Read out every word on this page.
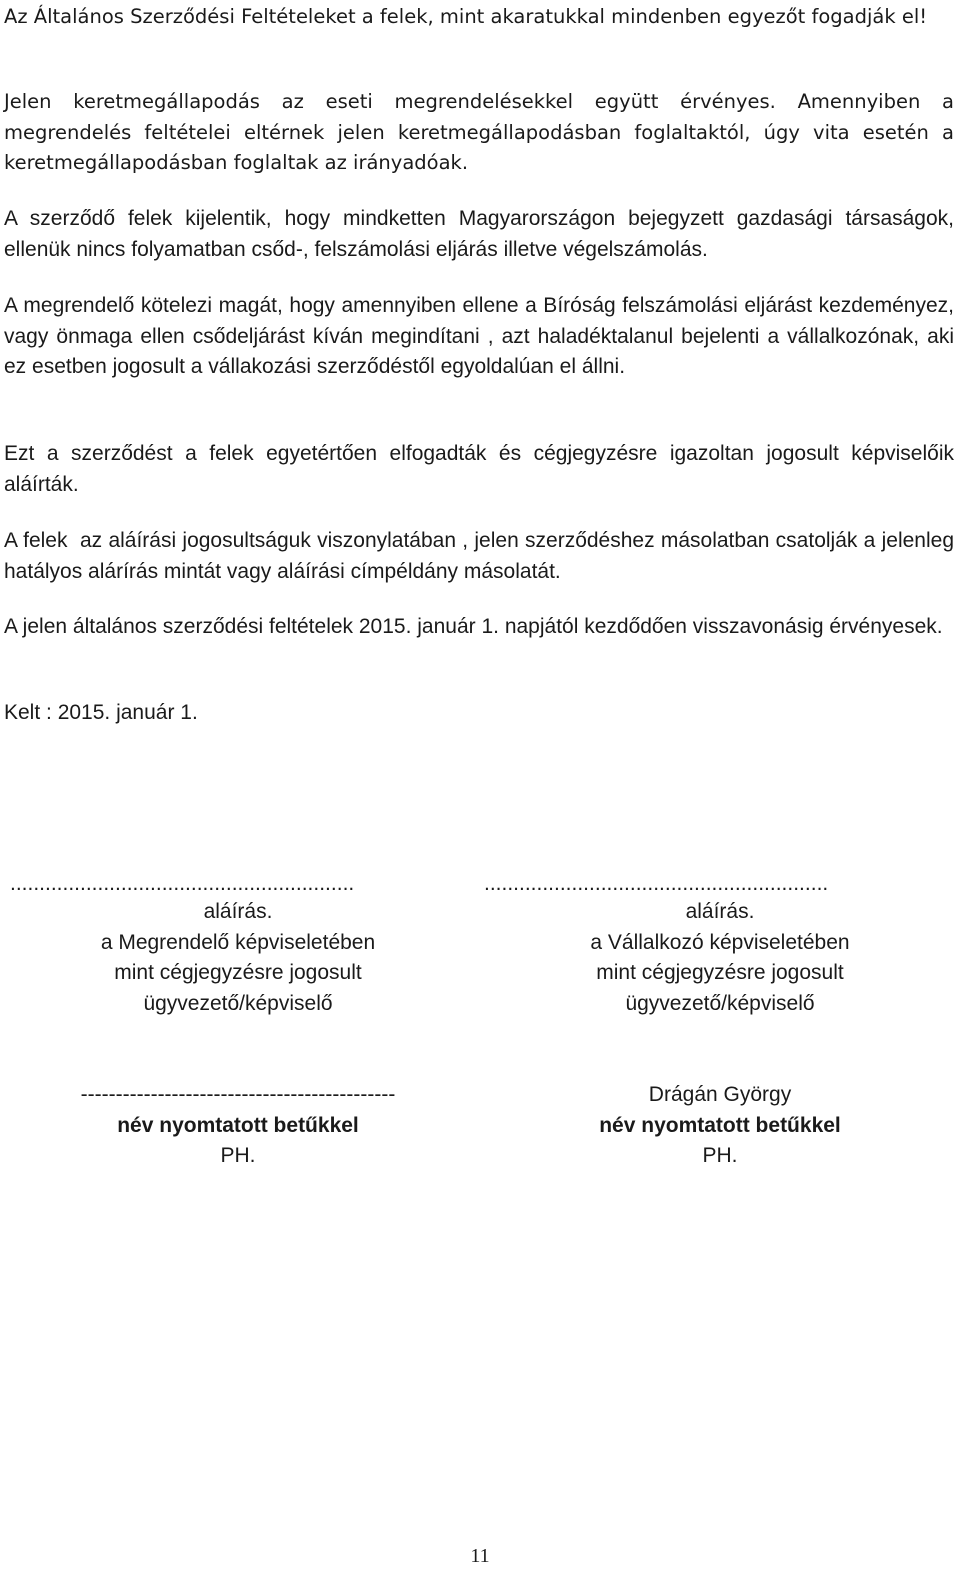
Az Általános Szerződési Feltételeket a felek, mint akaratukkal mindenben egyezőt fogadják el!

Jelen keretmegállapodás az eseti megrendelésekkel együtt érvényes. Amennyiben a megrendelés feltételei eltérnek jelen keretmegállapodásban foglaltaktól, úgy vita esetén a keretmegállapodásban foglaltak az irányadóak.

A szerződő felek kijelentik, hogy mindketten Magyarországon bejegyzett gazdasági társaságok, ellenük nincs folyamatban csőd-, felszámolási eljárás illetve végelszámolás.

A megrendelő kötelezi magát, hogy amennyiben ellene a Bíróság felszámolási eljárást kezdeményez, vagy önmaga ellen csődeljárást kíván megindítani , azt haladéktalanul bejelenti a vállalkozónak, aki ez esetben jogosult a vállakozási szerződéstől egyoldalúan el állni.

Ezt a szerződést a felek egyetértően elfogadták és cégjegyzésre igazoltan jogosult képviselőik aláírták.

A felek  az aláírási jogosultságuk viszonylatában , jelen szerződéshez másolatban csatolják a jelenleg hatályos alárírás mintát vagy aláírási címpéldány másolatát.

A jelen általános szerződési feltételek 2015. január 1. napjától kezdődően visszavonásig érvényesek.

Kelt : 2015. január 1.

...........................................................	...........................................................
aláírás.
a Megrendelő képviseletében
mint cégjegyzésre jogosult
ügyvezető/képviselő
aláírás.
a Vállalkozó képviseletében
mint cégjegyzésre jogosult
ügyvezető/képviselő
---------------------------------------------
név nyomtatott betűkkel
PH.
Drágán György
név nyomtatott betűkkel
PH.
11
